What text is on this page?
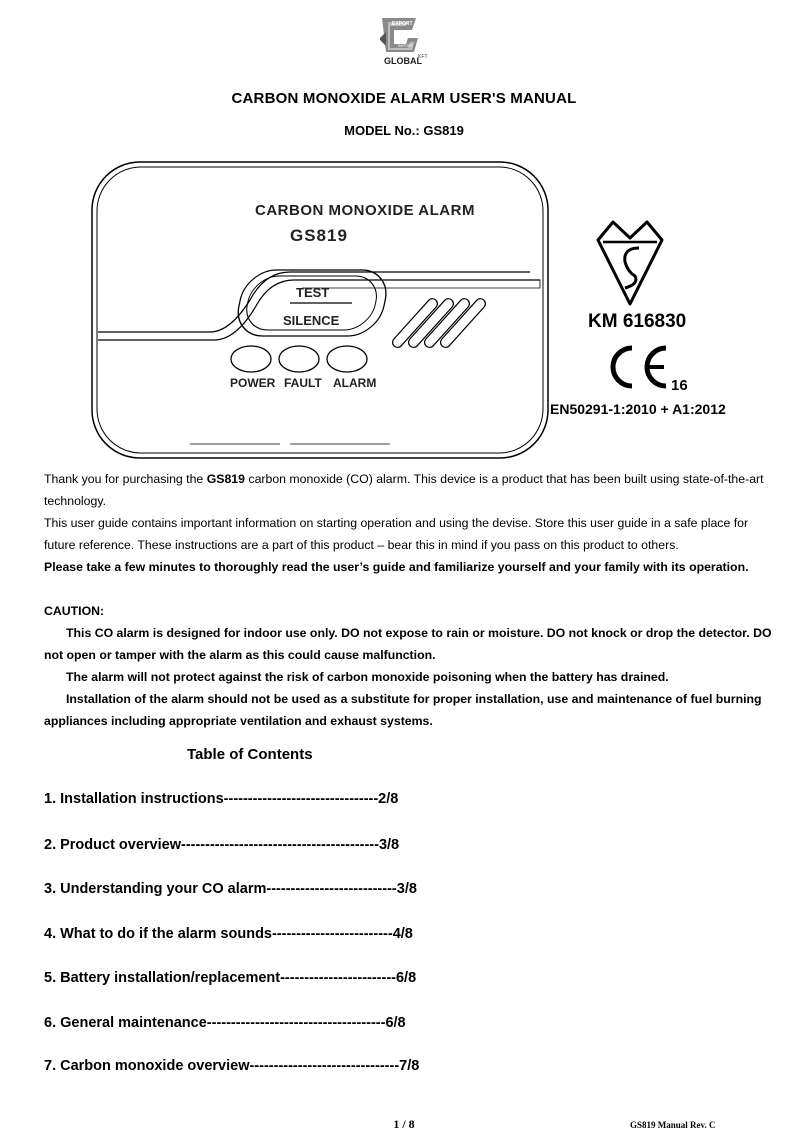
EXPORT
IMPORT
GLOBAL
KFT.
CARBON MONOXIDE ALARM USER'S MANUAL
MODEL No.: GS819
CARBON MONOXIDE ALARM
GS819
TEST
SILENCE
POWER FAULT ALARM
KM 616830
16
EN50291-1:2010 + A1:2012

Thank you for purchasing the GS819 carbon monoxide (CO) alarm. This device is a product that has been built using state-of-the-art technology.

This user guide contains important information on starting operation and using the devise. Store this user guide in a safe place for future reference. These instructions are a part of this product – bear this in mind if you pass on this product to others.

Please take a few minutes to thoroughly read the user’s guide and familiarize yourself and your family with its operation.

CAUTION:

This CO alarm is designed for indoor use only. DO not expose to rain or moisture. DO not knock or drop the detector. DO not open or tamper with the alarm as this could cause malfunction.

The alarm will not protect against the risk of carbon monoxide poisoning when the battery has drained.

Installation of the alarm should not be used as a substitute for proper installation, use and maintenance of fuel burning appliances including appropriate ventilation and exhaust systems.

Table of Contents
1. Installation instructions--------------------------------2/8
2. Product overview-----------------------------------------3/8
3. Understanding your CO alarm---------------------------3/8
4. What to do if the alarm sounds-------------------------4/8
5. Battery installation/replacement------------------------6/8
6. General maintenance-------------------------------------6/8
7. Carbon monoxide overview-------------------------------7/8
1 / 8	GS819 Manual Rev. C
